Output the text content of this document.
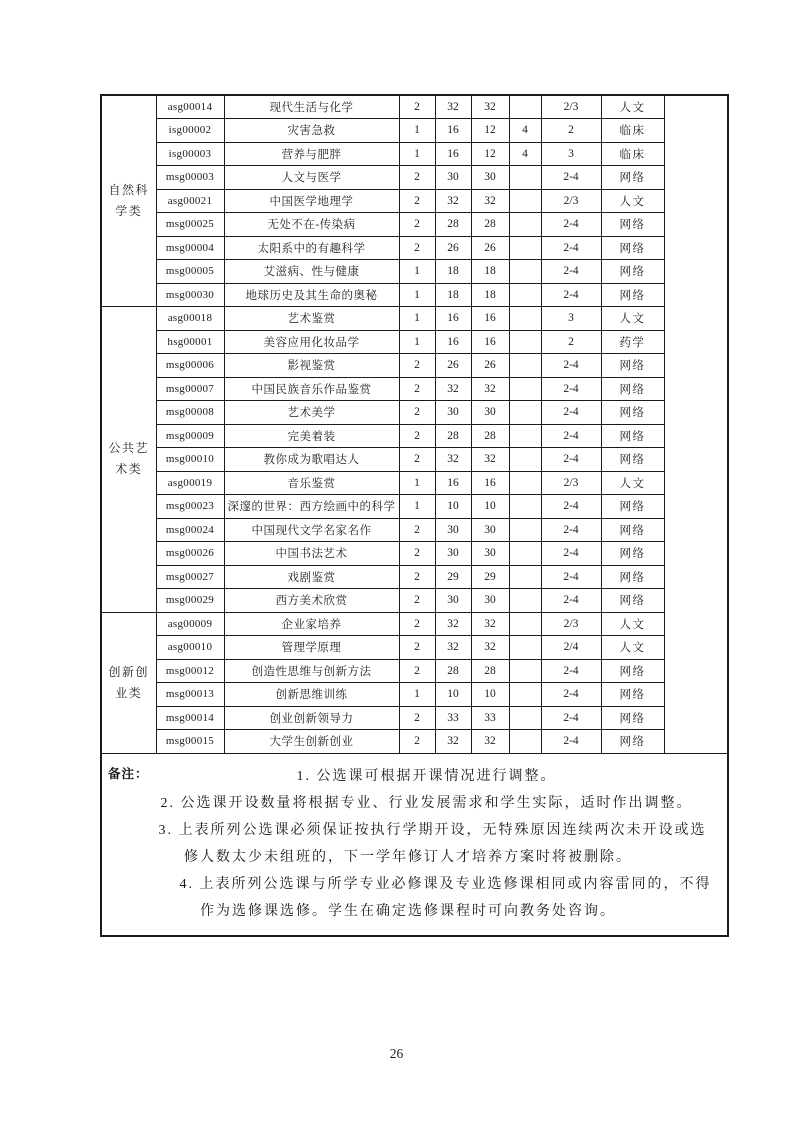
自然科学类	asg00014	现代生活与化学	2	32	32		2/3	人文	
	isg00002	灾害急救	1	16	12	4	2	临床	
	isg00003	营养与肥胖	1	16	12	4	3	临床	
	msg00003	人文与医学	2	30	30		2-4	网络	
	asg00021	中国医学地理学	2	32	32		2/3	人文	
	msg00025	无处不在-传染病	2	28	28		2-4	网络	
	msg00004	太阳系中的有趣科学	2	26	26		2-4	网络	
	msg00005	艾滋病、性与健康	1	18	18		2-4	网络	
	msg00030	地球历史及其生命的奥秘	1	18	18		2-4	网络	
公共艺术类	asg00018	艺术鉴赏	1	16	16		3	人文	
	hsg00001	美容应用化妆品学	1	16	16		2	药学	
	msg00006	影视鉴赏	2	26	26		2-4	网络	
	msg00007	中国民族音乐作品鉴赏	2	32	32		2-4	网络	
	msg00008	艺术美学	2	30	30		2-4	网络	
	msg00009	完美着装	2	28	28		2-4	网络	
	msg00010	教你成为歌唱达人	2	32	32		2-4	网络	
	asg00019	音乐鉴赏	1	16	16		2/3	人文	
	msg00023	深邃的世界：西方绘画中的科学	1	10	10		2-4	网络	
	msg00024	中国现代文学名家名作	2	30	30		2-4	网络	
	msg00026	中国书法艺术	2	30	30		2-4	网络	
	msg00027	戏剧鉴赏	2	29	29		2-4	网络	
	msg00029	西方美术欣赏	2	30	30		2-4	网络	
创新创业类	asg00009	企业家培养	2	32	32		2/3	人文	
	asg00010	管理学原理	2	32	32		2/4	人文	
	msg00012	创造性思维与创新方法	2	28	28		2-4	网络	
	msg00013	创新思维训练	1	10	10		2-4	网络	
	msg00014	创业创新领导力	2	33	33		2-4	网络	
	msg00015	大学生创新创业	2	32	32		2-4	网络	

备注： 1. 公选课可根据开课情况进行调整。

2. 公选课开设数量将根据专业、行业发展需求和学生实际，适时作出调整。

3. 上表所列公选课必须保证按执行学期开设，无特殊原因连续两次未开设或选修人数太少未组班的，下一学年修订人才培养方案时将被删除。

4. 上表所列公选课与所学专业必修课及专业选修课相同或内容雷同的，不得作为选修课选修。学生在确定选修课程时可向教务处咨询。									

26
